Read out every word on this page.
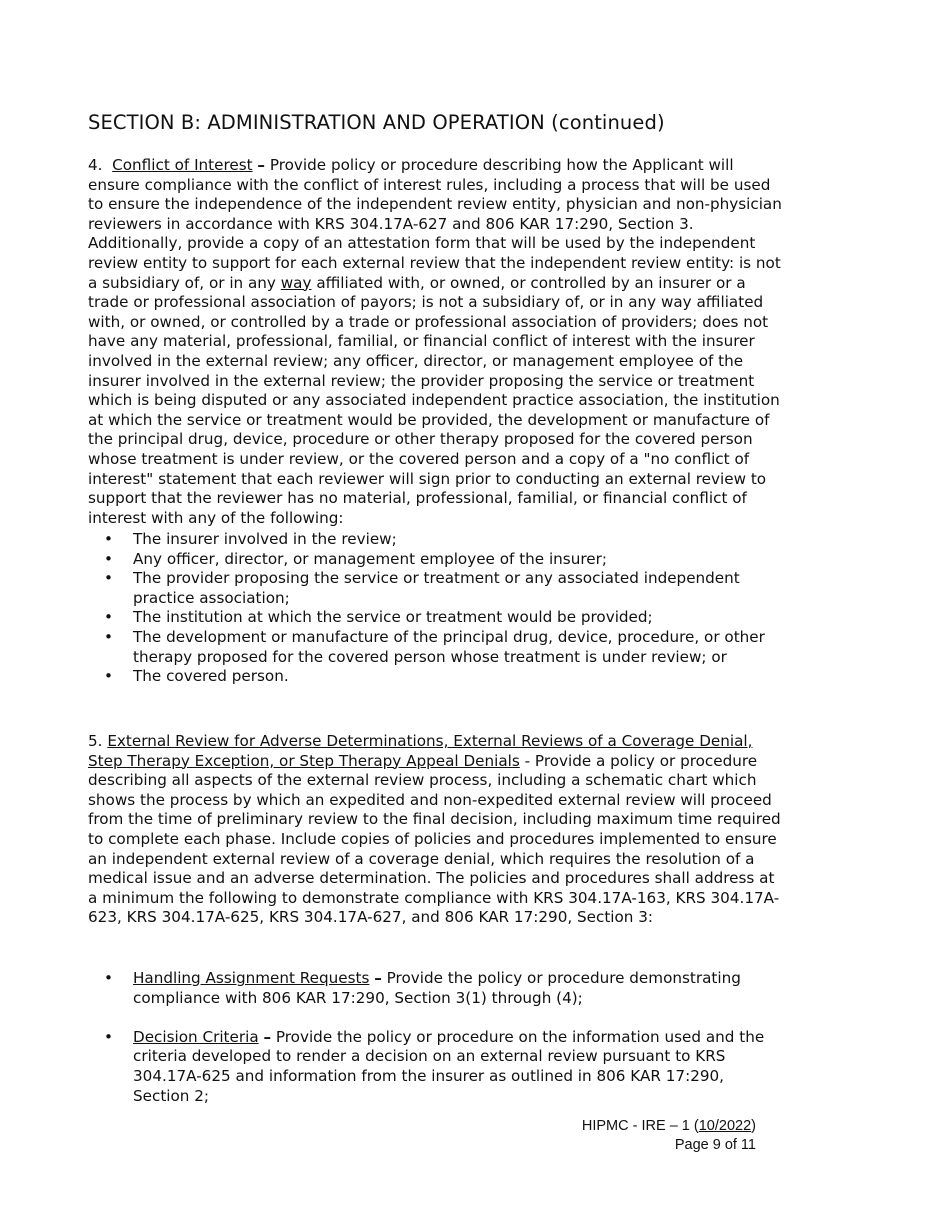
SECTION B: ADMINISTRATION AND OPERATION (continued)
4. Conflict of Interest – Provide policy or procedure describing how the Applicant will ensure compliance with the conflict of interest rules, including a process that will be used to ensure the independence of the independent review entity, physician and non-physician reviewers in accordance with KRS 304.17A-627 and 806 KAR 17:290, Section 3. Additionally, provide a copy of an attestation form that will be used by the independent review entity to support for each external review that the independent review entity: is not a subsidiary of, or in any way affiliated with, or owned, or controlled by an insurer or a trade or professional association of payors; is not a subsidiary of, or in any way affiliated with, or owned, or controlled by a trade or professional association of providers; does not have any material, professional, familial, or financial conflict of interest with the insurer involved in the external review; any officer, director, or management employee of the insurer involved in the external review; the provider proposing the service or treatment which is being disputed or any associated independent practice association, the institution at which the service or treatment would be provided, the development or manufacture of the principal drug, device, procedure or other therapy proposed for the covered person whose treatment is under review, or the covered person and a copy of a "no conflict of interest" statement that each reviewer will sign prior to conducting an external review to support that the reviewer has no material, professional, familial, or financial conflict of interest with any of the following:
• The insurer involved in the review;
• Any officer, director, or management employee of the insurer;
• The provider proposing the service or treatment or any associated independent practice association;
• The institution at which the service or treatment would be provided;
• The development or manufacture of the principal drug, device, procedure, or other therapy proposed for the covered person whose treatment is under review; or
• The covered person.
5. External Review for Adverse Determinations, External Reviews of a Coverage Denial, Step Therapy Exception, or Step Therapy Appeal Denials - Provide a policy or procedure describing all aspects of the external review process, including a schematic chart which shows the process by which an expedited and non-expedited external review will proceed from the time of preliminary review to the final decision, including maximum time required to complete each phase. Include copies of policies and procedures implemented to ensure an independent external review of a coverage denial, which requires the resolution of a medical issue and an adverse determination. The policies and procedures shall address at a minimum the following to demonstrate compliance with KRS 304.17A-163, KRS 304.17A-623, KRS 304.17A-625, KRS 304.17A-627, and 806 KAR 17:290, Section 3:
• Handling Assignment Requests – Provide the policy or procedure demonstrating compliance with 806 KAR 17:290, Section 3(1) through (4);
• Decision Criteria – Provide the policy or procedure on the information used and the criteria developed to render a decision on an external review pursuant to KRS 304.17A-625 and information from the insurer as outlined in 806 KAR 17:290, Section 2;
HIPMC - IRE – 1 (10/2022)
Page 9 of 11
